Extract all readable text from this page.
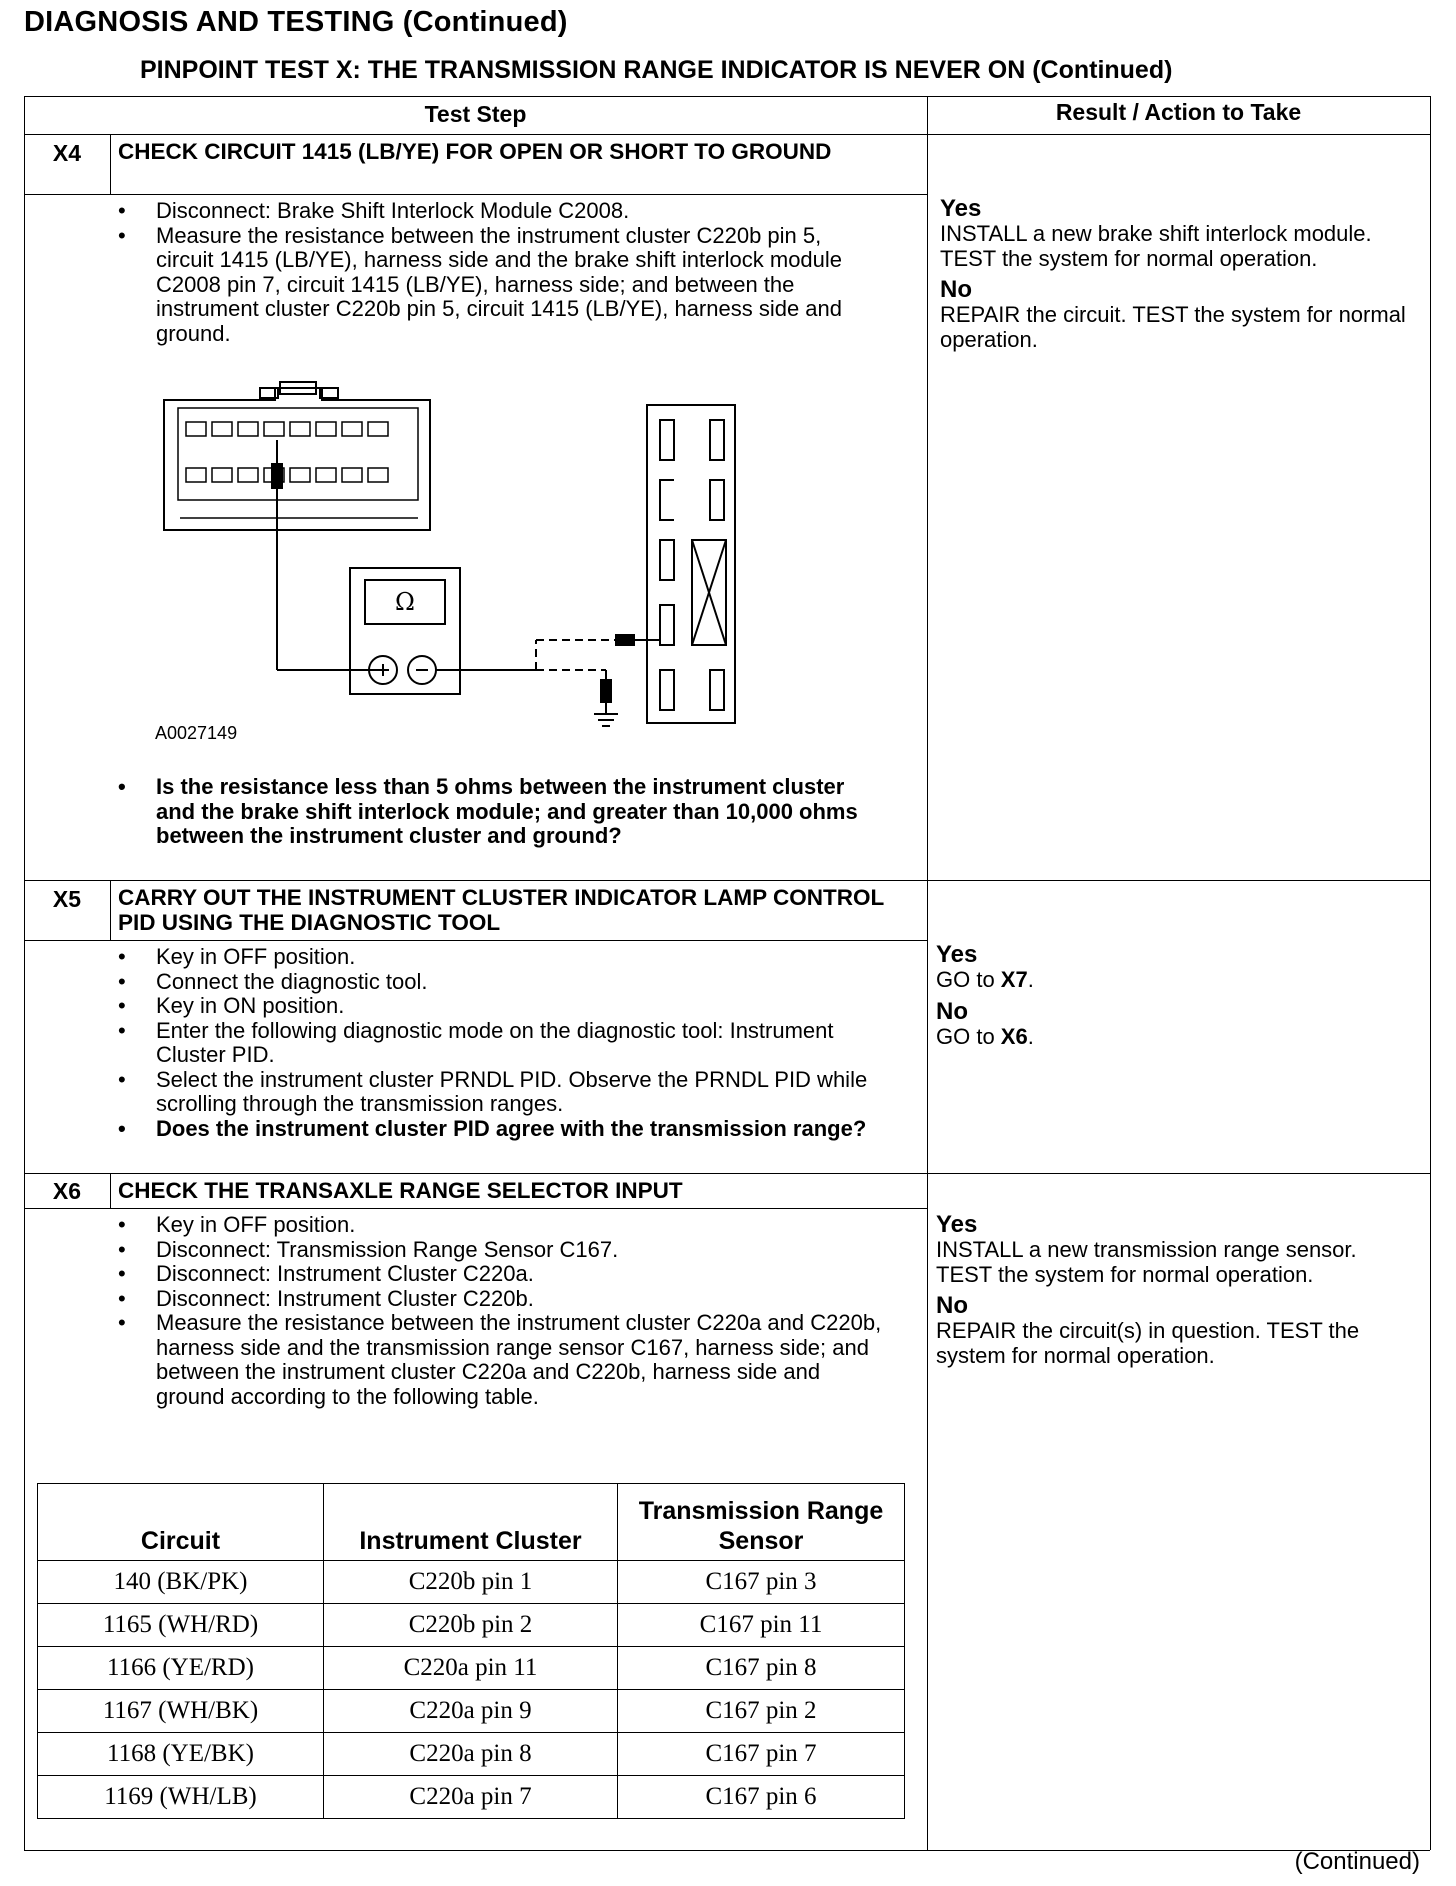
DIAGNOSIS AND TESTING (Continued)
PINPOINT TEST X: THE TRANSMISSION RANGE INDICATOR IS NEVER ON (Continued)
Test Step	Result / Action to Take
X4	CHECK CIRCUIT 1415 (LB/YE) FOR OPEN OR SHORT TO GROUND
• Disconnect: Brake Shift Interlock Module C2008.
• Measure the resistance between the instrument cluster C220b pin 5, circuit 1415 (LB/YE), harness side and the brake shift interlock module C2008 pin 7, circuit 1415 (LB/YE), harness side; and between the instrument cluster C220b pin 5, circuit 1415 (LB/YE), harness side and ground.
Ω
A0027149
• Is the resistance less than 5 ohms between the instrument cluster and the brake shift interlock module; and greater than 10,000 ohms between the instrument cluster and ground?
Yes
INSTALL a new brake shift interlock module. TEST the system for normal operation.
No
REPAIR the circuit. TEST the system for normal operation.
X5	CARRY OUT THE INSTRUMENT CLUSTER INDICATOR LAMP CONTROL PID USING THE DIAGNOSTIC TOOL
• Key in OFF position.
• Connect the diagnostic tool.
• Key in ON position.
• Enter the following diagnostic mode on the diagnostic tool: Instrument Cluster PID.
• Select the instrument cluster PRNDL PID. Observe the PRNDL PID while scrolling through the transmission ranges.
• Does the instrument cluster PID agree with the transmission range?
Yes
GO to X7.
No
GO to X6.
X6	CHECK THE TRANSAXLE RANGE SELECTOR INPUT
• Key in OFF position.
• Disconnect: Transmission Range Sensor C167.
• Disconnect: Instrument Cluster C220a.
• Disconnect: Instrument Cluster C220b.
• Measure the resistance between the instrument cluster C220a and C220b, harness side and the transmission range sensor C167, harness side; and between the instrument cluster C220a and C220b, harness side and ground according to the following table.
Circuit	Instrument Cluster	Transmission Range Sensor
140 (BK/PK)	C220b pin 1	C167 pin 3
1165 (WH/RD)	C220b pin 2	C167 pin 11
1166 (YE/RD)	C220a pin 11	C167 pin 8
1167 (WH/BK)	C220a pin 9	C167 pin 2
1168 (YE/BK)	C220a pin 8	C167 pin 7
1169 (WH/LB)	C220a pin 7	C167 pin 6
Yes
INSTALL a new transmission range sensor. TEST the system for normal operation.
No
REPAIR the circuit(s) in question. TEST the system for normal operation.
(Continued)
